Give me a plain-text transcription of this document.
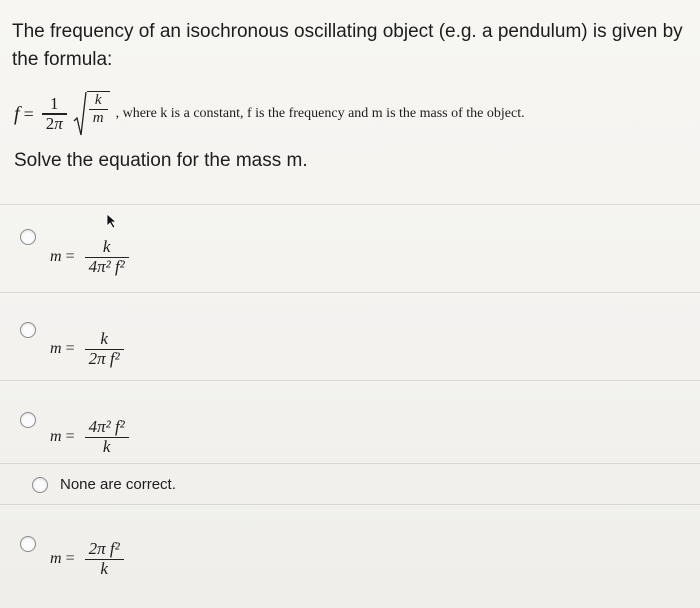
The frequency of an isochronous oscillating object (e.g. a pendulum) is given by the formula:
$f = \frac{1}{2\pi} \frac{k}{m}$ , where k is a constant, f is the frequency and m is the mass of the object.
Solve the equation for the mass m.
$m = \frac{k}{\text{4π² f²}}$
$m = \frac{k}{\text{2π f²}}$
$m = \frac{\text{4π² f²}}{k}$
None are correct.
$m = \frac{\text{2π f²}}{k}$
